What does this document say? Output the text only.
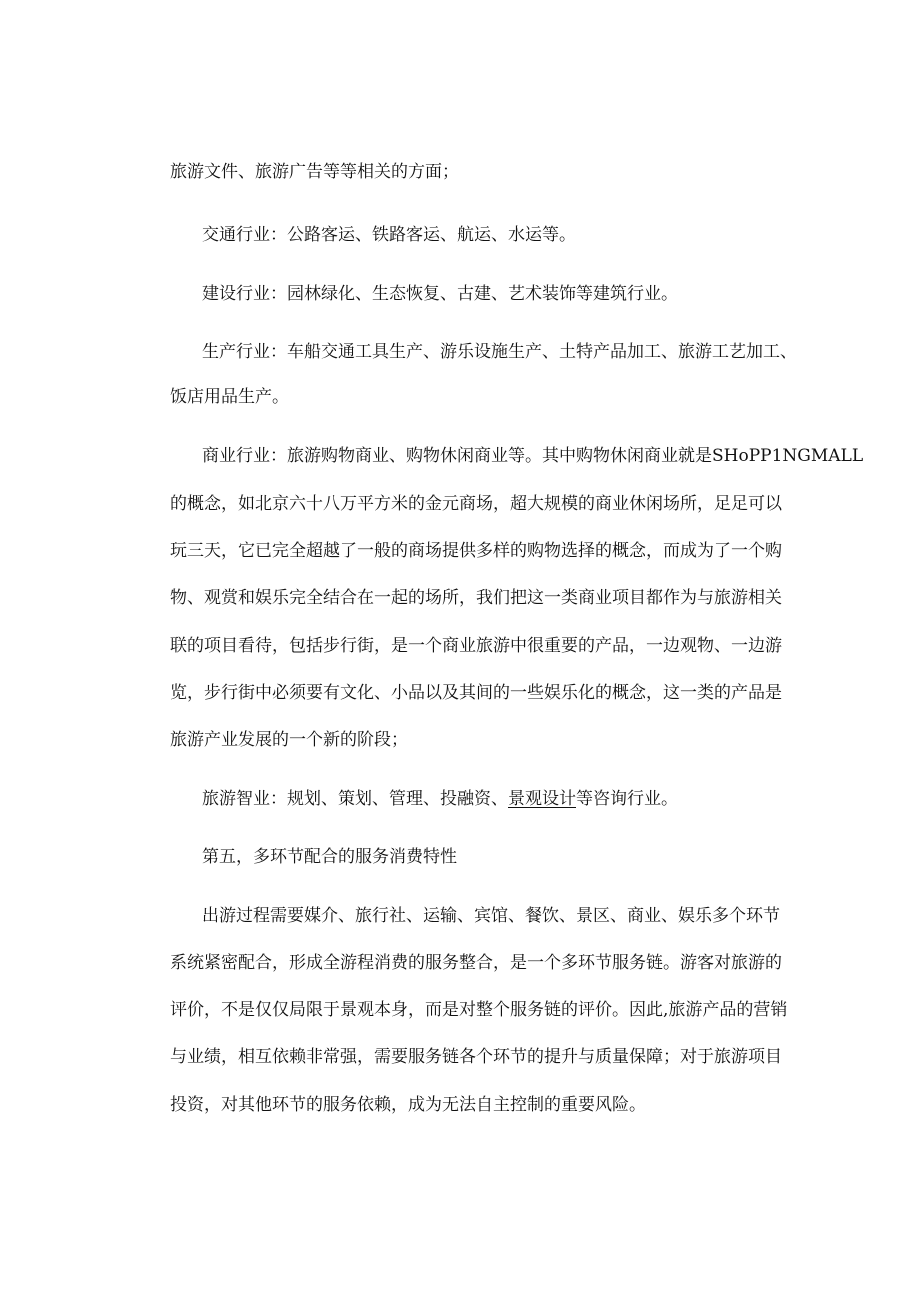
旅游文件、旅游广告等等相关的方面；
交通行业：公路客运、铁路客运、航运、水运等。
建设行业：园林绿化、生态恢复、古建、艺术装饰等建筑行业。
生产行业：车船交通工具生产、游乐设施生产、土特产品加工、旅游工艺加工、
饭店用品生产。
商业行业：旅游购物商业、购物休闲商业等。其中购物休闲商业就是SHoPP1NGMALL
的概念，如北京六十八万平方米的金元商场，超大规模的商业休闲场所，足足可以
玩三天，它已完全超越了一般的商场提供多样的购物选择的概念，而成为了一个购
物、观赏和娱乐完全结合在一起的场所，我们把这一类商业项目都作为与旅游相关
联的项目看待，包括步行街，是一个商业旅游中很重要的产品，一边观物、一边游
览，步行街中必须要有文化、小品以及其间的一些娱乐化的概念，这一类的产品是
旅游产业发展的一个新的阶段；
旅游智业：规划、策划、管理、投融资、景观设计等咨询行业。
第五，多环节配合的服务消费特性
出游过程需要媒介、旅行社、运输、宾馆、餐饮、景区、商业、娱乐多个环节
系统紧密配合，形成全游程消费的服务整合，是一个多环节服务链。游客对旅游的
评价，不是仅仅局限于景观本身，而是对整个服务链的评价。因此,旅游产品的营销
与业绩，相互依赖非常强，需要服务链各个环节的提升与质量保障；对于旅游项目
投资，对其他环节的服务依赖，成为无法自主控制的重要风险。
